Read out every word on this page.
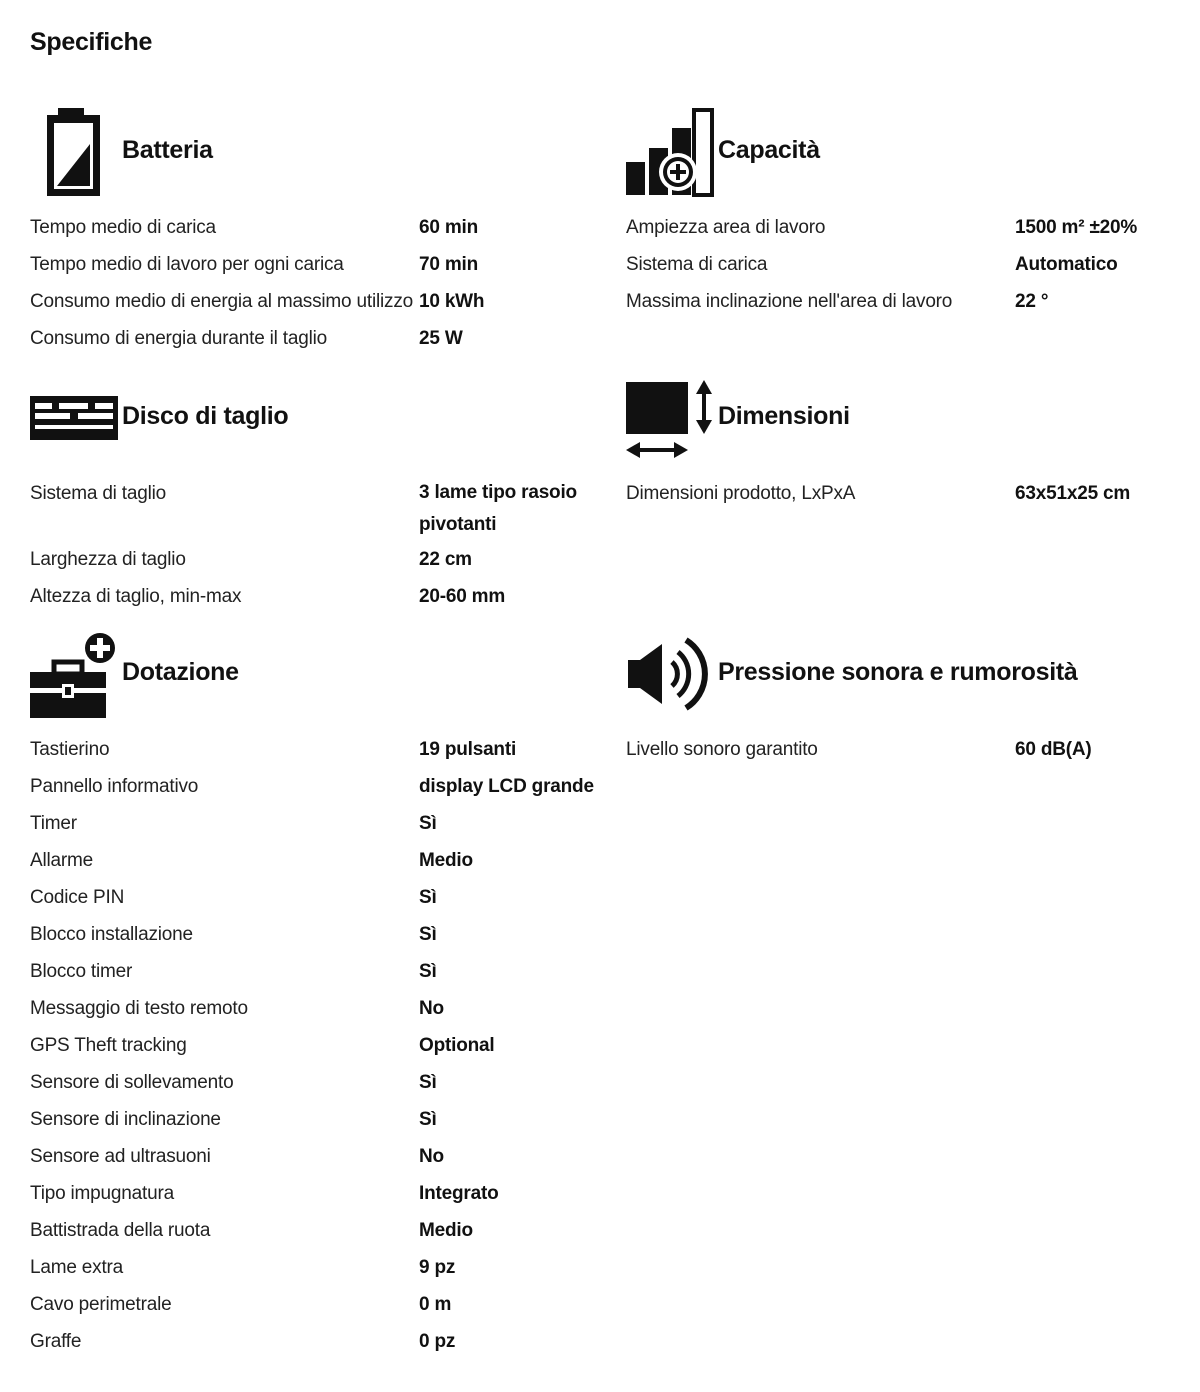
Specifiche
Batteria
Tempo medio di carica	60 min
Tempo medio di lavoro per ogni carica	70 min
Consumo medio di energia al massimo utilizzo 10 kWh
Consumo di energia durante il taglio	25 W
Capacità
Ampiezza area di lavoro	1500 m² ±20%
Sistema di carica	Automatico
Massima inclinazione nell'area di lavoro	22 °
Disco di taglio
Sistema di taglio	3 lame tipo rasoio pivotanti
Larghezza di taglio	22 cm
Altezza di taglio, min-max	20-60 mm
Dimensioni
Dimensioni prodotto, LxPxA	63x51x25 cm
Dotazione
Tastierino	19 pulsanti
Pannello informativo	display LCD grande
Timer	Sì
Allarme	Medio
Codice PIN	Sì
Blocco installazione	Sì
Blocco timer	Sì
Messaggio di testo remoto	No
GPS Theft tracking	Optional
Sensore di sollevamento	Sì
Sensore di inclinazione	Sì
Sensore ad ultrasuoni	No
Tipo impugnatura	Integrato
Battistrada della ruota	Medio
Lame extra	9 pz
Cavo perimetrale	0 m
Graffe	0 pz
Pressione sonora e rumorosità
Livello sonoro garantito	60 dB(A)
